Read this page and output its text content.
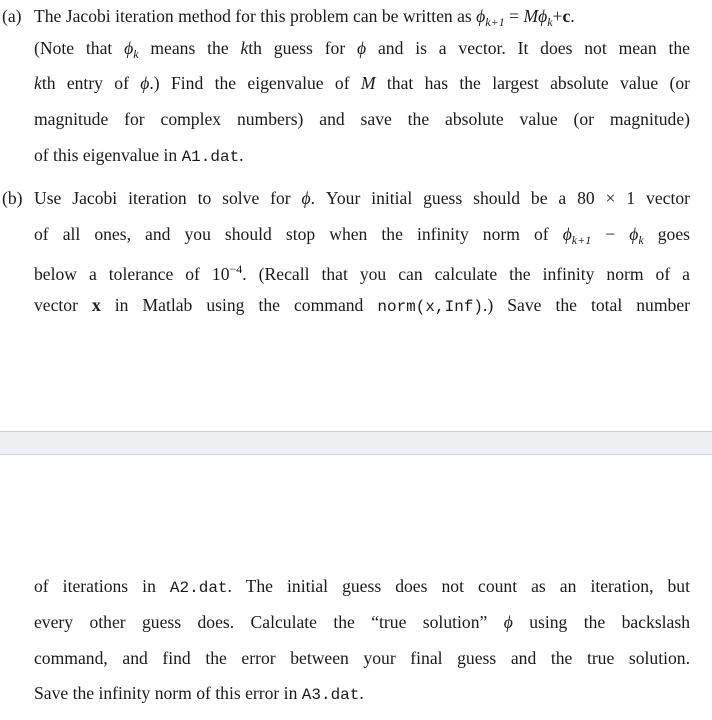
(a) The Jacobi iteration method for this problem can be written as $\phi_{k+1} = M\phi_k+c$.
(Note that $\phi_k$ means the kth guess for ϕ and is a vector. It does not mean the
kth entry of ϕ.) Find the eigenvalue of M that has the largest absolute value (or
magnitude for complex numbers) and save the absolute value (or magnitude)
of this eigenvalue in A1.dat.
(b) Use Jacobi iteration to solve for ϕ. Your initial guess should be a 80 × 1 vector
of all ones, and you should stop when the infinity norm of $\phi_{k+1} - \phi_k$ goes
below a tolerance of $10^{-4}$. (Recall that you can calculate the infinity norm of a
vector x in Matlab using the command norm(x,Inf).) Save the total number
of iterations in A2.dat. The initial guess does not count as an iteration, but
every other guess does. Calculate the “true solution” ϕ using the backslash
command, and find the error between your final guess and the true solution.
Save the infinity norm of this error in A3.dat.
